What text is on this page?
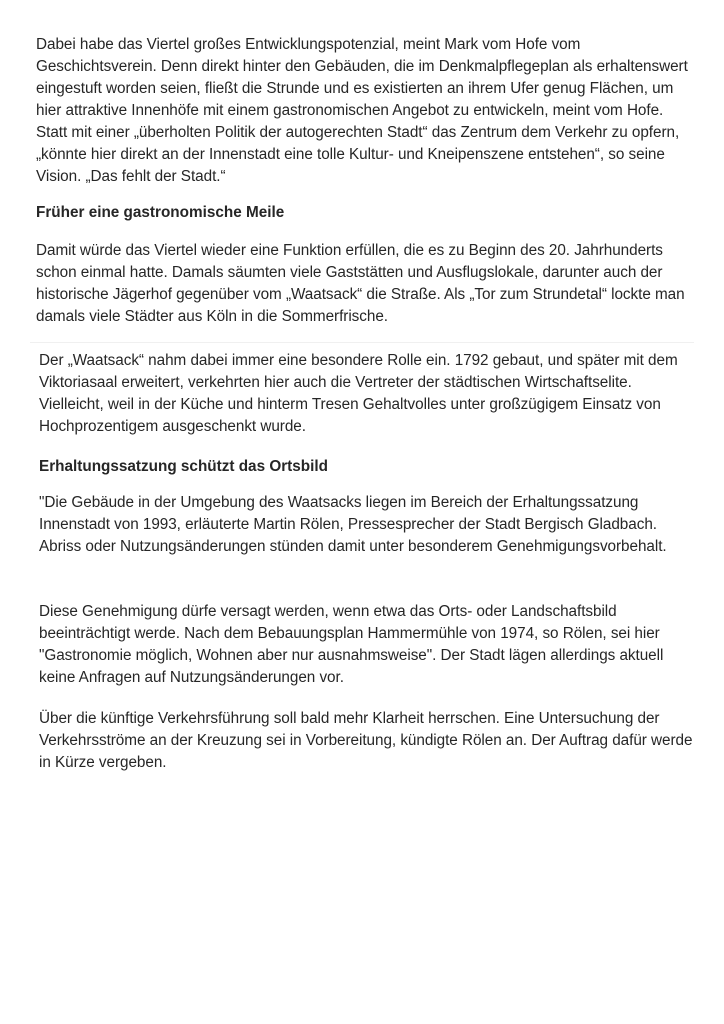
Dabei habe das Viertel großes Entwicklungspotenzial, meint Mark vom Hofe vom Geschichtsverein. Denn direkt hinter den Gebäuden, die im Denkmalpflegeplan als erhaltenswert eingestuft worden seien, fließt die Strunde und es existierten an ihrem Ufer genug Flächen, um hier attraktive Innenhöfe mit einem gastronomischen Angebot zu entwickeln, meint vom Hofe. Statt mit einer „überholten Politik der autogerechten Stadt“ das Zentrum dem Verkehr zu opfern, „könnte hier direkt an der Innenstadt eine tolle Kultur- und Kneipenszene entstehen“, so seine Vision. „Das fehlt der Stadt.“

Früher eine gastronomische Meile

Damit würde das Viertel wieder eine Funktion erfüllen, die es zu Beginn des 20. Jahrhunderts schon einmal hatte. Damals säumten viele Gaststätten und Ausflugslokale, darunter auch der historische Jägerhof gegenüber vom „Waatsack“ die Straße. Als „Tor zum Strundetal“ lockte man damals viele Städter aus Köln in die Sommerfrische.

Der „Waatsack“ nahm dabei immer eine besondere Rolle ein. 1792 gebaut, und später mit dem Viktoriasaal erweitert, verkehrten hier auch die Vertreter der städtischen Wirtschaftselite. Vielleicht, weil in der Küche und hinterm Tresen Gehaltvolles unter großzügigem Einsatz von Hochprozentigem ausgeschenkt wurde.

Erhaltungssatzung schützt das Ortsbild

"Die Gebäude in der Umgebung des Waatsacks liegen im Bereich der Erhaltungssatzung Innenstadt von 1993, erläuterte Martin Rölen, Pressesprecher der Stadt Bergisch Gladbach. Abriss oder Nutzungsänderungen stünden damit unter besonderem Genehmigungsvorbehalt.

Diese Genehmigung dürfe versagt werden, wenn etwa das Orts- oder Landschaftsbild beeinträchtigt werde. Nach dem Bebauungsplan Hammermühle von 1974, so Rölen, sei hier "Gastronomie möglich, Wohnen aber nur ausnahmsweise". Der Stadt lägen allerdings aktuell keine Anfragen auf Nutzungsänderungen vor.

Über die künftige Verkehrsführung soll bald mehr Klarheit herrschen. Eine Untersuchung der Verkehrsströme an der Kreuzung sei in Vorbereitung, kündigte Rölen an. Der Auftrag dafür werde in Kürze vergeben.
